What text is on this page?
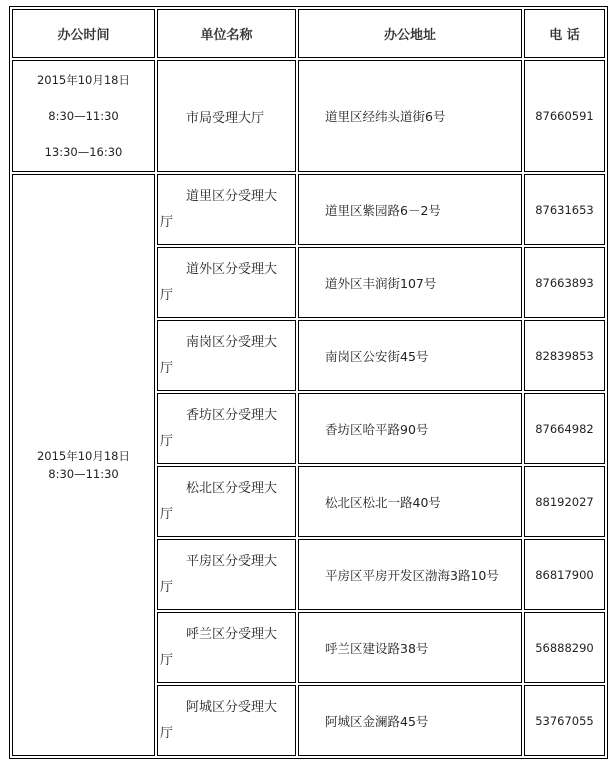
办公时间	单位名称	办公地址	电 话

2015年10月18日
8:30—11:30
13:30—16:30	市局受理大厅	道里区经纬头道街6号	87660591

2015年10月18日
8:30—11:30	道里区分受理大
厅	道里区紫园路6－2号	87631653

	道外区分受理大
厅	道外区丰润街107号	87663893

	南岗区分受理大
厅	南岗区公安街45号	82839853

	香坊区分受理大
厅	香坊区哈平路90号	87664982

	松北区分受理大
厅	松北区松北一路40号	88192027

	平房区分受理大
厅	平房区平房开发区渤海3路10号	86817900

	呼兰区分受理大
厅	呼兰区建设路38号	56888290

	阿城区分受理大
厅	阿城区金澜路45号	53767055
